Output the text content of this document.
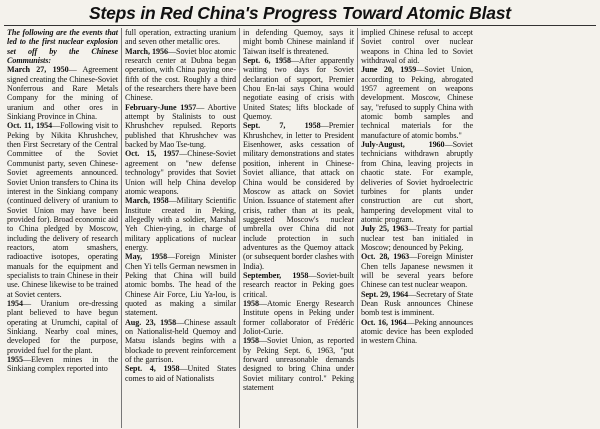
Steps in Red China's Progress Toward Atomic Blast

The following are the events that led to the first nuclear explosion set off by the Chinese Communists:

March 27, 1950— Agreement signed creating the Chinese-Soviet Nonferrous and Rare Metals Company for the mining of uranium and other ores in Sinkiang Province in China.

Oct. 11, 1954—Following visit to Peking by Nikita Khrushchev, then First Secretary of the Central Committee of the Soviet Communist party, seven Chinese-Soviet agreements announced. Soviet Union transfers to China its interest in the Sinkiang company (continued delivery of uranium to Soviet Union may have been provided for). Broad economic aid to China pledged by Moscow, including the delivery of research reactors, atom smashers, radioactive isotopes, operating manuals for the equipment and specialists to train Chinese in their use. Chinese likewise to be trained at Soviet centers.

1954— Uranium ore-dressing plant believed to have begun operating at Urumchi, capital of Sinkiang. Nearby coal mines, developed for the purpose, provided fuel for the plant.

1955—Eleven mines in the Sinkiang complex reported into

full operation, extracting uranium and seven other metallic ores.

March, 1956—Soviet bloc atomic research center at Dubna began operation, with China paying one-fifth of the cost. Roughly a third of the researchers there have been Chinese.

February-June 1957— Abortive attempt by Stalinists to oust Khrushchev repulsed. Reports published that Khrushchev was backed by Mao Tse-tung.

Oct. 15, 1957—Chinese-Soviet agreement on "new defense technology" provides that Soviet Union will help China develop atomic weapons.

March, 1958—Military Scientific Institute created in Peking, allegedly with a soldier, Marshal Yeh Chien-ying, in charge of military applications of nuclear energy.

May, 1958—Foreign Minister Chen Yi tells German newsmen in Peking that China will build atomic bombs. The head of the Chinese Air Force, Liu Ya-lou, is quoted as making a similar statement.

Aug. 23, 1958—Chinese assault on Nationalist-held Quemoy and Matsu islands begins with a blockade to prevent reinforcement of the garrison.

Sept. 4, 1958—United States comes to aid of Nationalists

in defending Quemoy, says it might bomb Chinese mainland if Taiwan itself is threatened.

Sept. 6, 1958—After apparently waiting two days for Soviet declaration of support, Premier Chou En-lai says China would negotiate easing of crisis with United States; lifts blockade of Quemoy.

Sept. 7, 1958—Premier Khrushchev, in letter to President Eisenhower, asks cessation of military demonstrations and states position, inherent in Chinese-Soviet alliance, that attack on China would be considered by Moscow as attack on Soviet Union. Issuance of statement after crisis, rather than at its peak, suggested Moscow's nuclear umbrella over China did not include protection in such adventures as the Quemoy attack (or subsequent border clashes with India).

September, 1958—Soviet-built research reactor in Peking goes critical.

1958—Atomic Energy Research Institute opens in Peking under former collaborator of Frédéric Joliot-Curie.

1958—Soviet Union, as reported by Peking Sept. 6, 1963, "put forward unreasonable demands designed to bring China under Soviet military control." Peking statement

implied Chinese refusal to accept Soviet control over nuclear weapons in China led to Soviet withdrawal of aid.

June 20, 1959—Soviet Union, according to Peking, abrogated 1957 agreement on weapons development. Moscow, Chinese say, "refused to supply China with atomic bomb samples and technical materials for the manufacture of atomic bombs."

July-August, 1960—Soviet technicians withdrawn abruptly from China, leaving projects in chaotic state. For example, deliveries of Soviet hydroelectric turbines for plants under construction are cut short, hampering development vital to atomic program.

July 25, 1963—Treaty for partial nuclear test ban initialed in Moscow; denounced by Peking.

Oct. 28, 1963—Foreign Minister Chen tells Japanese newsmen it will be several years before Chinese can test nuclear weapon.

Sept. 29, 1964—Secretary of State Dean Rusk announces Chinese bomb test is imminent.

Oct. 16, 1964—Peking announces atomic device has been exploded in western China.
